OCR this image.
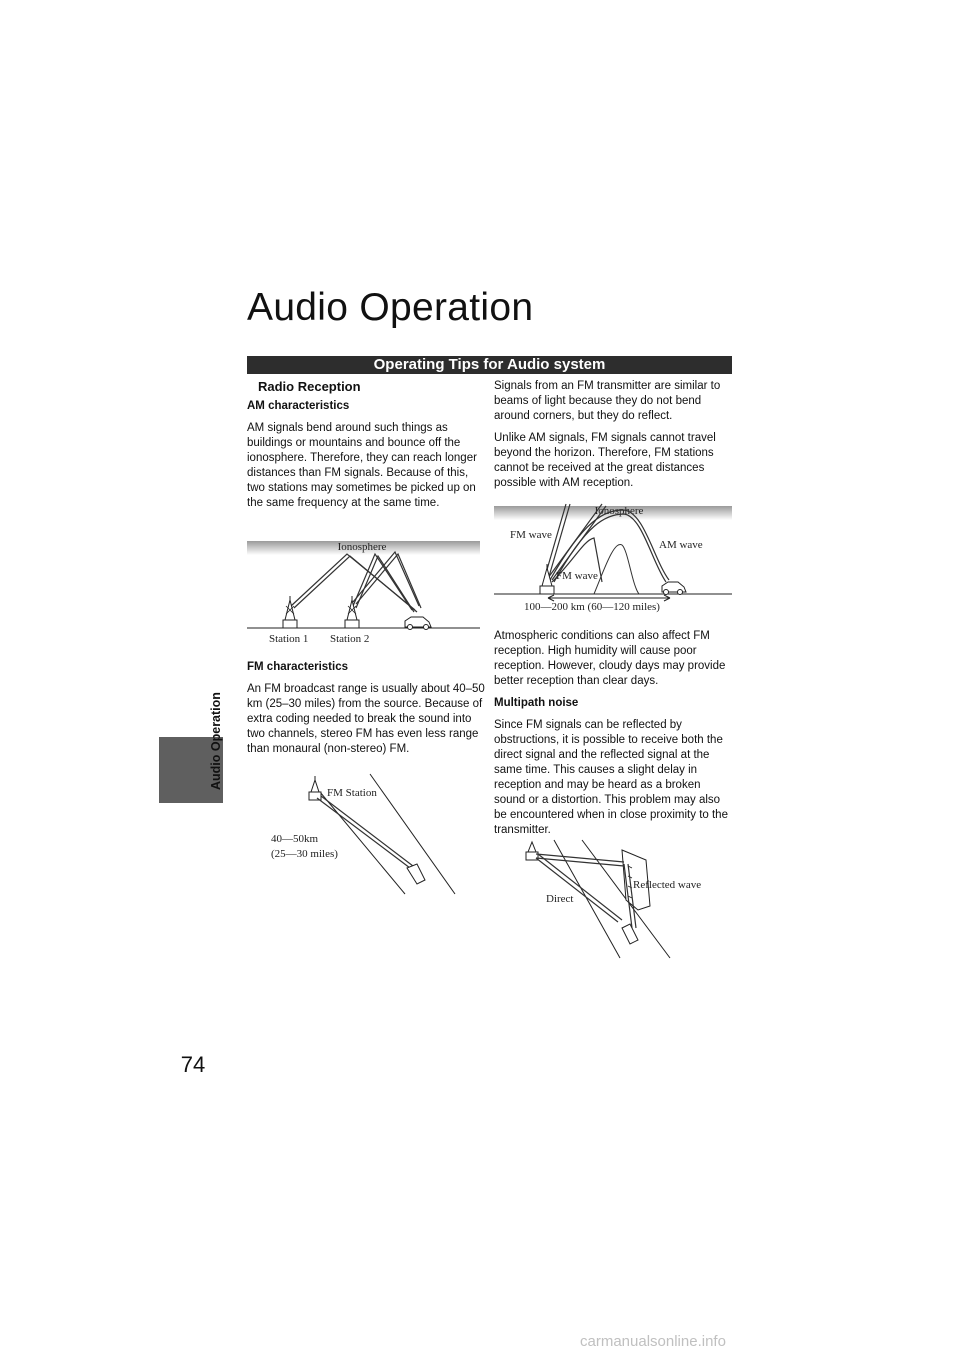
Audio Operation
74
Audio Operation
Operating Tips for Audio system
Radio Reception
AM characteristics

AM signals bend around such things as buildings or mountains and bounce off the ionosphere. Therefore, they can reach longer distances than FM signals. Because of this, two stations may sometimes be picked up on the same frequency at the same time.

Ionosphere
Station 1 Station 2
FM characteristics

An FM broadcast range is usually about 40–50 km (25–30 miles) from the source. Because of extra coding needed to break the sound into two channels, stereo FM has even less range than monaural (non-stereo) FM.

FM Station
40—50km
(25—30 miles)

Signals from an FM transmitter are similar to beams of light because they do not bend around corners, but they do reflect.

Unlike AM signals, FM signals cannot travel beyond the horizon. Therefore, FM stations cannot be received at the great distances possible with AM reception.

Ionosphere
FM wave
AM wave
FM wave
100—200 km (60—120 miles)

Atmospheric conditions can also affect FM reception. High humidity will cause poor reception. However, cloudy days may provide better reception than clear days.

Multipath noise

Since FM signals can be reflected by obstructions, it is possible to receive both the direct signal and the reflected signal at the same time. This causes a slight delay in reception and may be heard as a broken sound or a distortion. This problem may also be encountered when in close proximity to the transmitter.

Reflected wave
Direct
carmanualsonline.info
